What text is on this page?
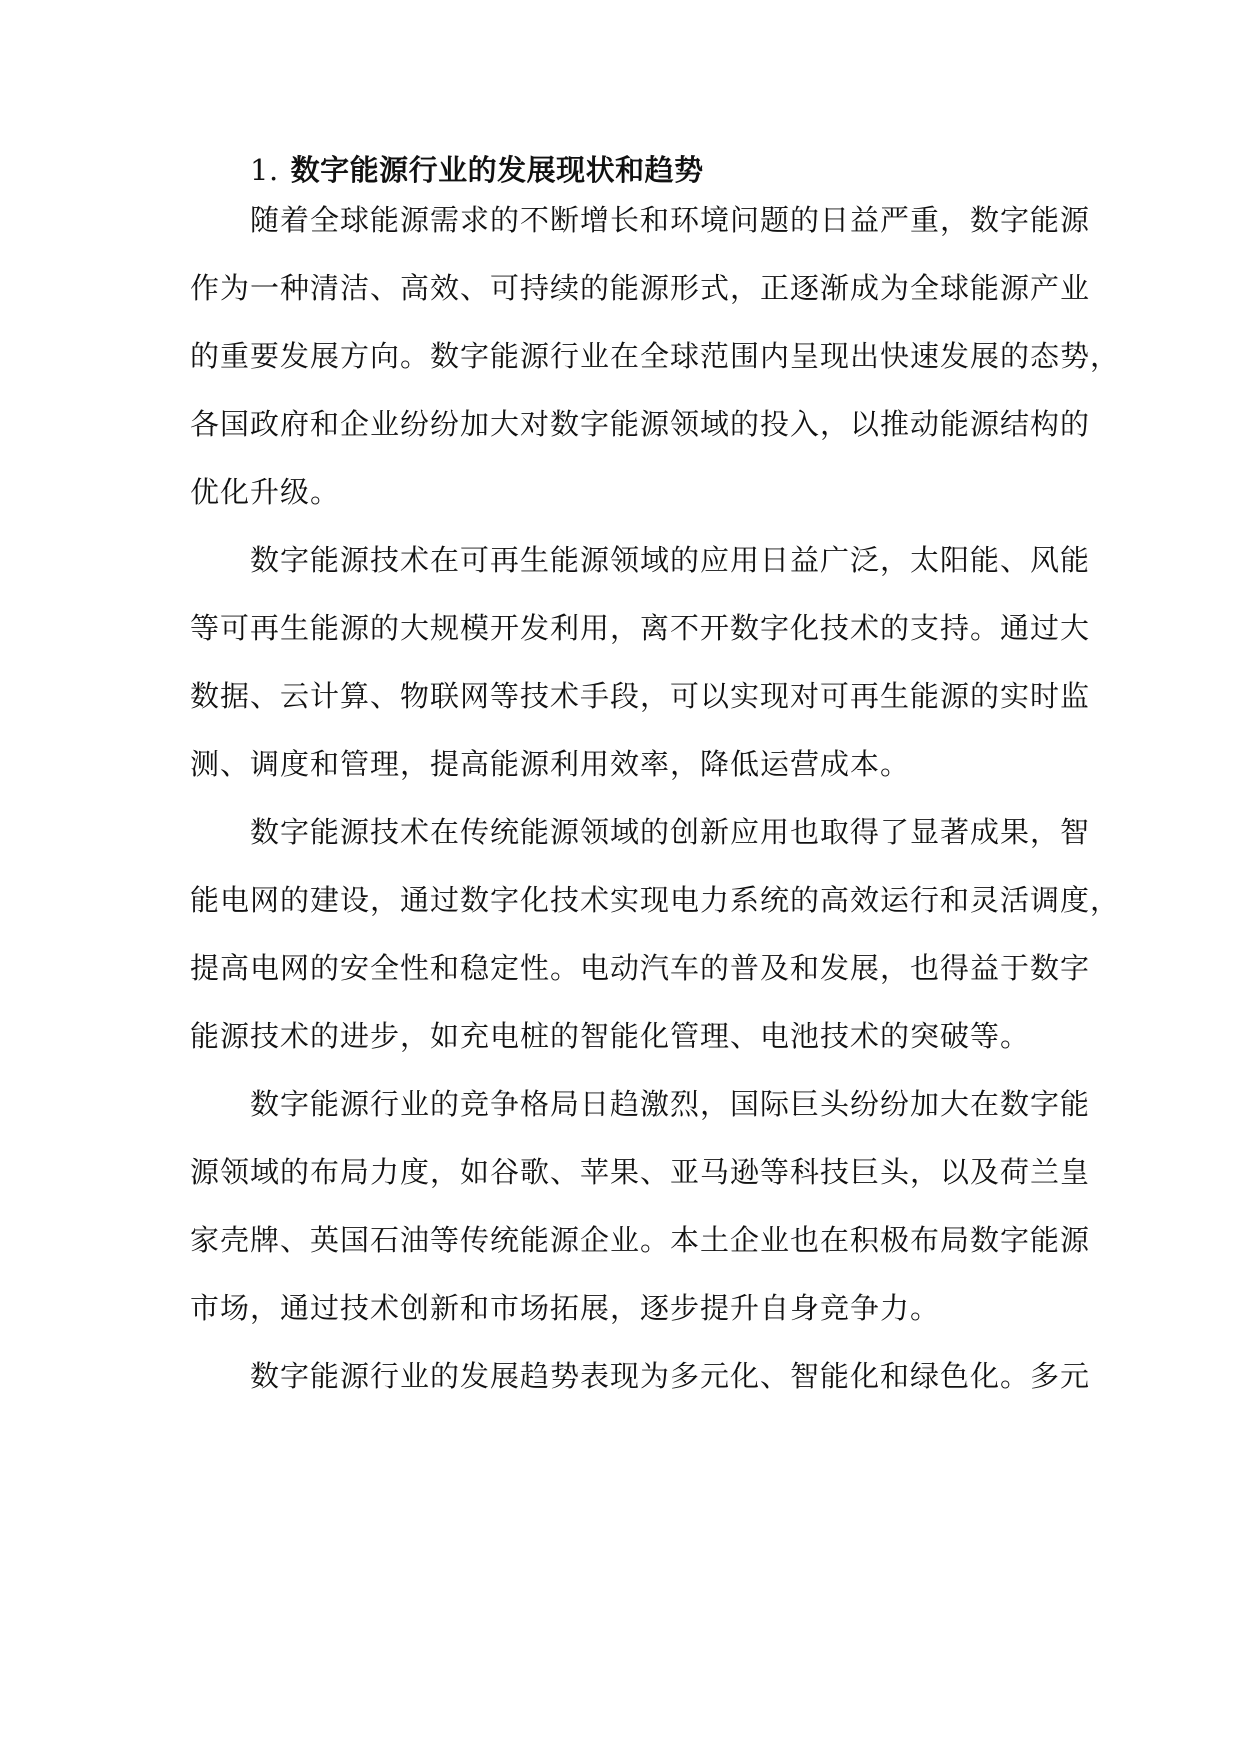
1. 数字能源行业的发展现状和趋势
随着全球能源需求的不断增长和环境问题的日益严重，数字能源
作为一种清洁、高效、可持续的能源形式，正逐渐成为全球能源产业
的重要发展方向。数字能源行业在全球范围内呈现出快速发展的态势，
各国政府和企业纷纷加大对数字能源领域的投入，以推动能源结构的
优化升级。
数字能源技术在可再生能源领域的应用日益广泛，太阳能、风能
等可再生能源的大规模开发利用，离不开数字化技术的支持。通过大
数据、云计算、物联网等技术手段，可以实现对可再生能源的实时监
测、调度和管理，提高能源利用效率，降低运营成本。
数字能源技术在传统能源领域的创新应用也取得了显著成果，智
能电网的建设，通过数字化技术实现电力系统的高效运行和灵活调度，
提高电网的安全性和稳定性。电动汽车的普及和发展，也得益于数字
能源技术的进步，如充电桩的智能化管理、电池技术的突破等。
数字能源行业的竞争格局日趋激烈，国际巨头纷纷加大在数字能
源领域的布局力度，如谷歌、苹果、亚马逊等科技巨头，以及荷兰皇
家壳牌、英国石油等传统能源企业。本土企业也在积极布局数字能源
市场，通过技术创新和市场拓展，逐步提升自身竞争力。
数字能源行业的发展趋势表现为多元化、智能化和绿色化。多元
